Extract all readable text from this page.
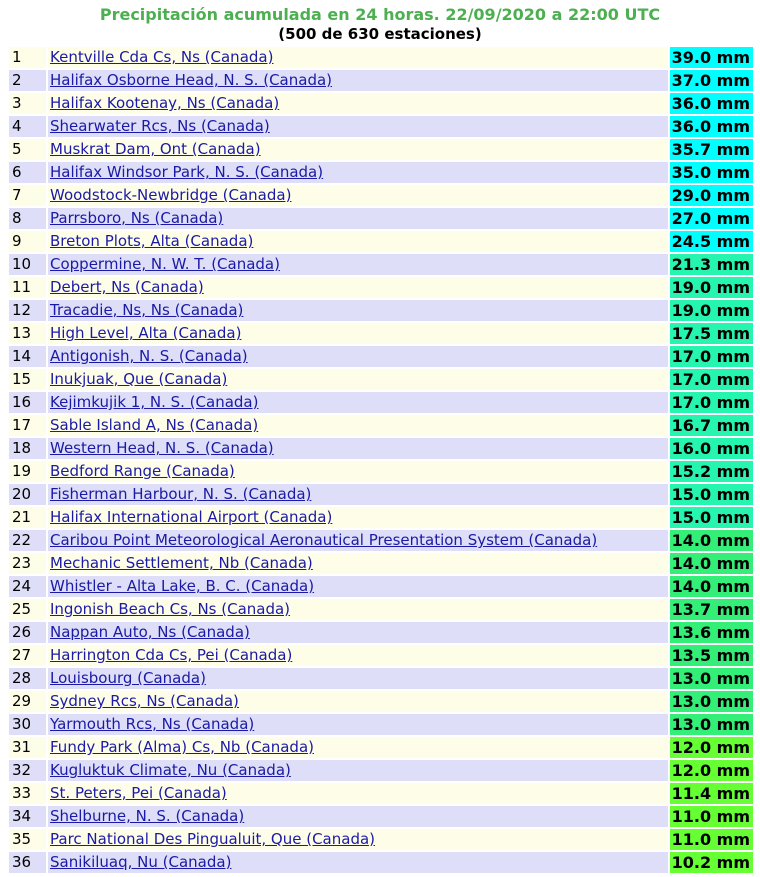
Precipitación acumulada en 24 horas. 22/09/2020 a 22:00 UTC
(500 de 630 estaciones)
1	Kentville Cda Cs, Ns (Canada)	39.0 mm
2	Halifax Osborne Head, N. S. (Canada)	37.0 mm
3	Halifax Kootenay, Ns (Canada)	36.0 mm
4	Shearwater Rcs, Ns (Canada)	36.0 mm
5	Muskrat Dam, Ont (Canada)	35.7 mm
6	Halifax Windsor Park, N. S. (Canada)	35.0 mm
7	Woodstock-Newbridge (Canada)	29.0 mm
8	Parrsboro, Ns (Canada)	27.0 mm
9	Breton Plots, Alta (Canada)	24.5 mm
10	Coppermine, N. W. T. (Canada)	21.3 mm
11	Debert, Ns (Canada)	19.0 mm
12	Tracadie, Ns, Ns (Canada)	19.0 mm
13	High Level, Alta (Canada)	17.5 mm
14	Antigonish, N. S. (Canada)	17.0 mm
15	Inukjuak, Que (Canada)	17.0 mm
16	Kejimkujik 1, N. S. (Canada)	17.0 mm
17	Sable Island A, Ns (Canada)	16.7 mm
18	Western Head, N. S. (Canada)	16.0 mm
19	Bedford Range (Canada)	15.2 mm
20	Fisherman Harbour, N. S. (Canada)	15.0 mm
21	Halifax International Airport (Canada)	15.0 mm
22	Caribou Point Meteorological Aeronautical Presentation System (Canada)	14.0 mm
23	Mechanic Settlement, Nb (Canada)	14.0 mm
24	Whistler - Alta Lake, B. C. (Canada)	14.0 mm
25	Ingonish Beach Cs, Ns (Canada)	13.7 mm
26	Nappan Auto, Ns (Canada)	13.6 mm
27	Harrington Cda Cs, Pei (Canada)	13.5 mm
28	Louisbourg (Canada)	13.0 mm
29	Sydney Rcs, Ns (Canada)	13.0 mm
30	Yarmouth Rcs, Ns (Canada)	13.0 mm
31	Fundy Park (Alma) Cs, Nb (Canada)	12.0 mm
32	Kugluktuk Climate, Nu (Canada)	12.0 mm
33	St. Peters, Pei (Canada)	11.4 mm
34	Shelburne, N. S. (Canada)	11.0 mm
35	Parc National Des Pingualuit, Que (Canada)	11.0 mm
36	Sanikiluaq, Nu (Canada)	10.2 mm
